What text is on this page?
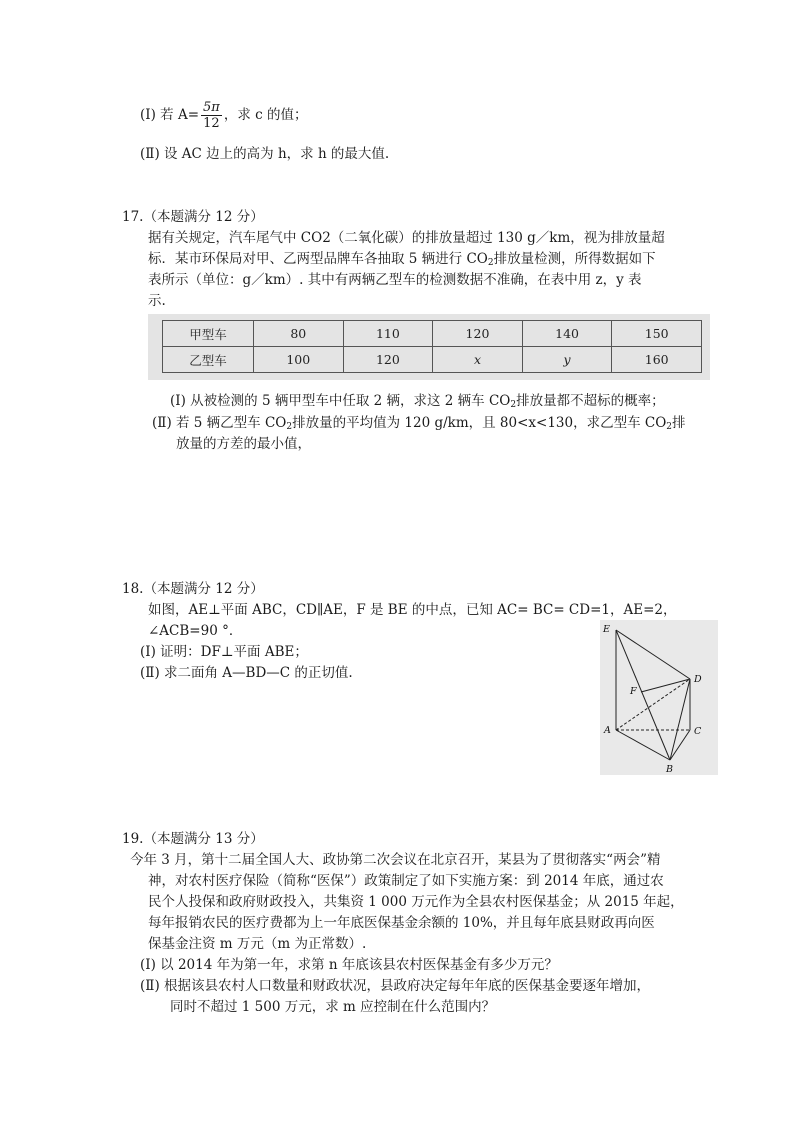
(I) 若 $A= \frac{5\pi}{12}$ ，求 c 的值；
(Ⅱ) 设 AC 边上的高为 h，求 h 的最大值.
17.（本题满分 12 分）
据有关规定，汽车尾气中 CO2（二氧化碳）的排放量超过 130 g／km，视为排放量超
标．某市环保局对甲、乙两型品牌车各抽取 5 辆进行 $CO_2$排放量检测，所得数据如下
表所示（单位：g／km）. 其中有两辆乙型车的检测数据不准确，在表中用 z，y 表
示.
甲型车	80	110	120	140	150
乙型车	100	120	x	y	160
(I) 从被检测的 5 辆甲型车中任取 2 辆，求这 2 辆车 $CO_2$排放量都不超标的概率；
(Ⅱ) 若 5 辆乙型车 $CO_2$排放量的平均值为 120 g/km，且 80<x<130，求乙型车 $CO_2$排
放量的方差的最小值，
18.（本题满分 12 分）
如图，AE⊥平面 ABC，CD∥AE，F 是 BE 的中点，已知 AC= BC= CD=1，AE=2，
∠ACB=90 °．
(I) 证明：DF⊥平面 ABE；
(Ⅱ) 求二面角 A—BD—C 的正切值.
E
D
F
A	C
B
19.（本题满分 13 分）
今年 3 月，第十二届全国人大、政协第二次会议在北京召开，某县为了贯彻落实“两会”精
神，对农村医疗保险（简称“医保”）政策制定了如下实施方案：到 2014 年底，通过农
民个人投保和政府财政投入，共集资 1 000 万元作为全县农村医保基金；从 2015 年起，
每年报销农民的医疗费都为上一年底医保基金余额的 10%，并且每年底县财政再向医
保基金注资 m 万元（m 为正常数）.
(I) 以 2014 年为第一年，求第 n 年底该县农村医保基金有多少万元？
(Ⅱ) 根据该县农村人口数量和财政状况，县政府决定每年年底的医保基金要逐年增加，
同时不超过 1 500 万元，求 m 应控制在什么范围内？
